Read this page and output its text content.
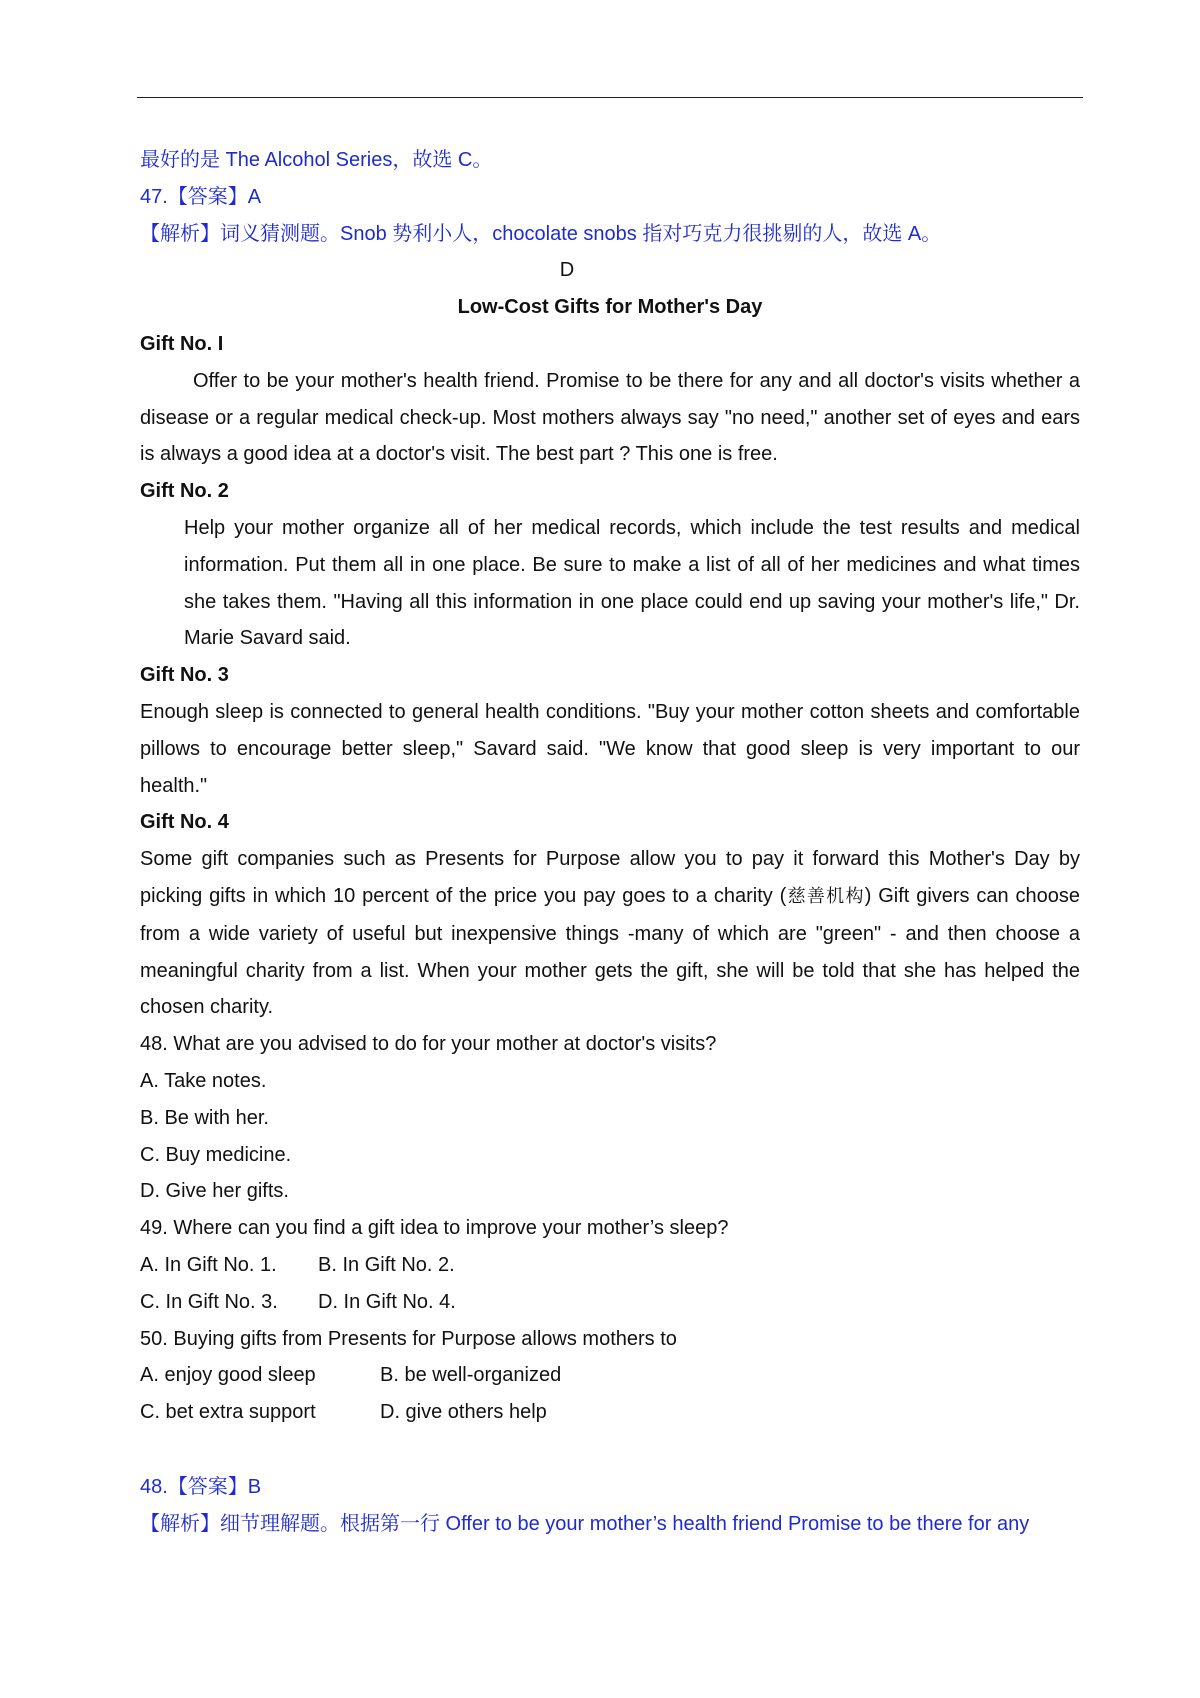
最好的是 The Alcohol Series，故选 C。
47.【答案】A
【解析】词义猜测题。Snob 势利小人，chocolate snobs 指对巧克力很挑剔的人，故选 A。
D
Low-Cost Gifts for Mother's Day
Gift No. I
Offer to be your mother's health friend. Promise to be there for any and all doctor's visits whether a disease or a regular medical check-up. Most mothers always say "no need," another set of eyes and ears is always a good idea at a doctor's visit. The best part ? This one is free.
Gift No. 2
Help your mother organize all of her medical records, which include the test results and medical information. Put them all in one place. Be sure to make a list of all of her medicines and what times she takes them. "Having all this information in one place could end up saving your mother's life," Dr. Marie Savard said.
Gift No. 3
Enough sleep is connected to general health conditions. "Buy your mother cotton sheets and comfortable pillows to encourage better sleep," Savard said. "We know that good sleep is very important to our health."
Gift No. 4
Some gift companies such as Presents for Purpose allow you to pay it forward this Mother's Day by picking gifts in which 10 percent of the price you pay goes to a charity (慈善机构) Gift givers can choose from a wide variety of useful but inexpensive things -many of which are "green" - and then choose a meaningful charity from a list. When your mother gets the gift, she will be told that she has helped the chosen charity.
48. What are you advised to do for your mother at doctor's visits?
A. Take notes.
B. Be with her.
C. Buy medicine.
D. Give her gifts.
49. Where can you find a gift idea to improve your mother’s sleep?
A. In Gift No. 1. B. In Gift No. 2.
C. In Gift No. 3. D. In Gift No. 4.
50. Buying gifts from Presents for Purpose allows mothers to
A. enjoy good sleep	B. be well-organized
C. bet extra support	D. give others help
48.【答案】B
【解析】细节理解题。根据第一行 Offer to be your mother’s health friend Promise to be there for any
